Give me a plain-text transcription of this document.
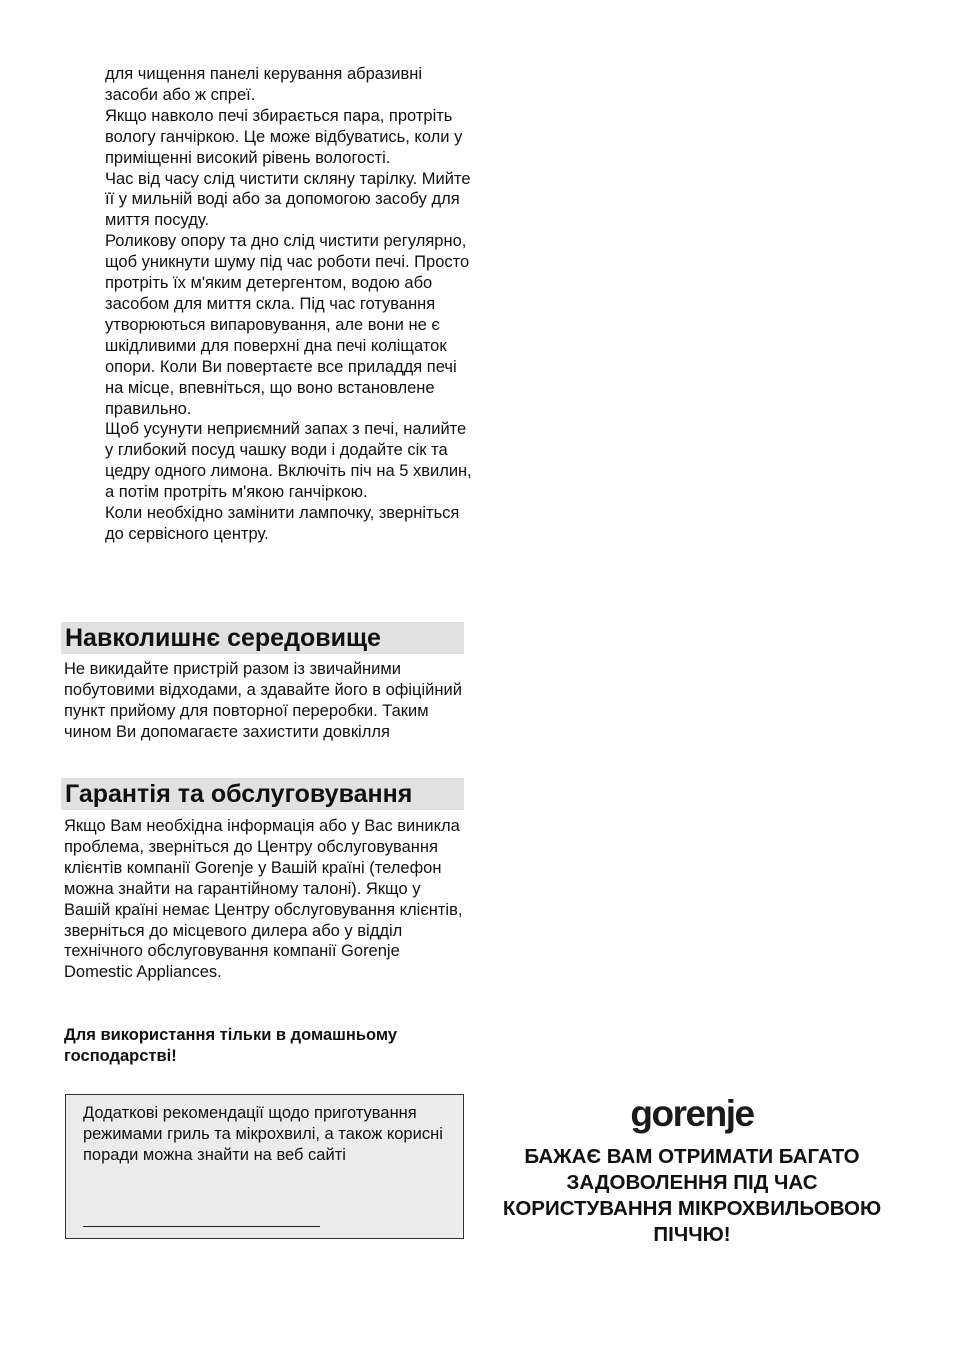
для чищення панелі керування абразивні засоби або ж спреї.

Якщо навколо печі збирається пара, протріть вологу ганчіркою. Це може відбуватись, коли у приміщенні високий рівень вологості.

Час від часу слід чистити скляну тарілку. Мийте її у мильній воді або за допомогою засобу для миття посуду.

Роликову опору та дно слід чистити регулярно, щоб уникнути шуму під час роботи печі. Просто протріть їх м'яким детергентом, водою або засобом для миття скла. Під час готування утворюються випаровування, але вони не є шкідливими для поверхні дна печі коліщаток опори. Коли Ви повертаєте все приладдя печі на місце, впевніться, що воно встановлене правильно.

Щоб усунути неприємний запах з печі, налийте у глибокий посуд чашку води і додайте сік та цедру одного лимона. Включіть піч на 5 хвилин, а потім протріть м'якою ганчіркою.

Коли необхідно замінити лампочку, зверніться до сервісного центру.

Навколишнє середовище

Не викидайте пристрій разом із звичайними побутовими відходами, а здавайте його в офіційний пункт прийому для повторної переробки. Таким чином Ви допомагаєте захистити довкілля

Гарантія та обслуговування

Якщо Вам необхідна інформація або у Вас виникла проблема, зверніться до Центру обслуговування клієнтів компанії Gorenje у Вашій країні (телефон можна знайти на гарантійному талоні). Якщо у Вашій країні немає Центру обслуговування клієнтів, зверніться до місцевого дилера або у відділ технічного обслуговування компанії Gorenje Domestic Appliances.

Для використання тільки в домашньому господарстві!

Додаткові рекомендації щодо приготування режимами гриль та мікрохвилі, а також корисні поради можна знайти на веб сайті
gorenje

БАЖАЄ ВАМ ОТРИМАТИ БАГАТО ЗАДОВОЛЕННЯ ПІД ЧАС КОРИСТУВАННЯ МІКРОХВИЛЬОВОЮ ПІЧЧЮ!
